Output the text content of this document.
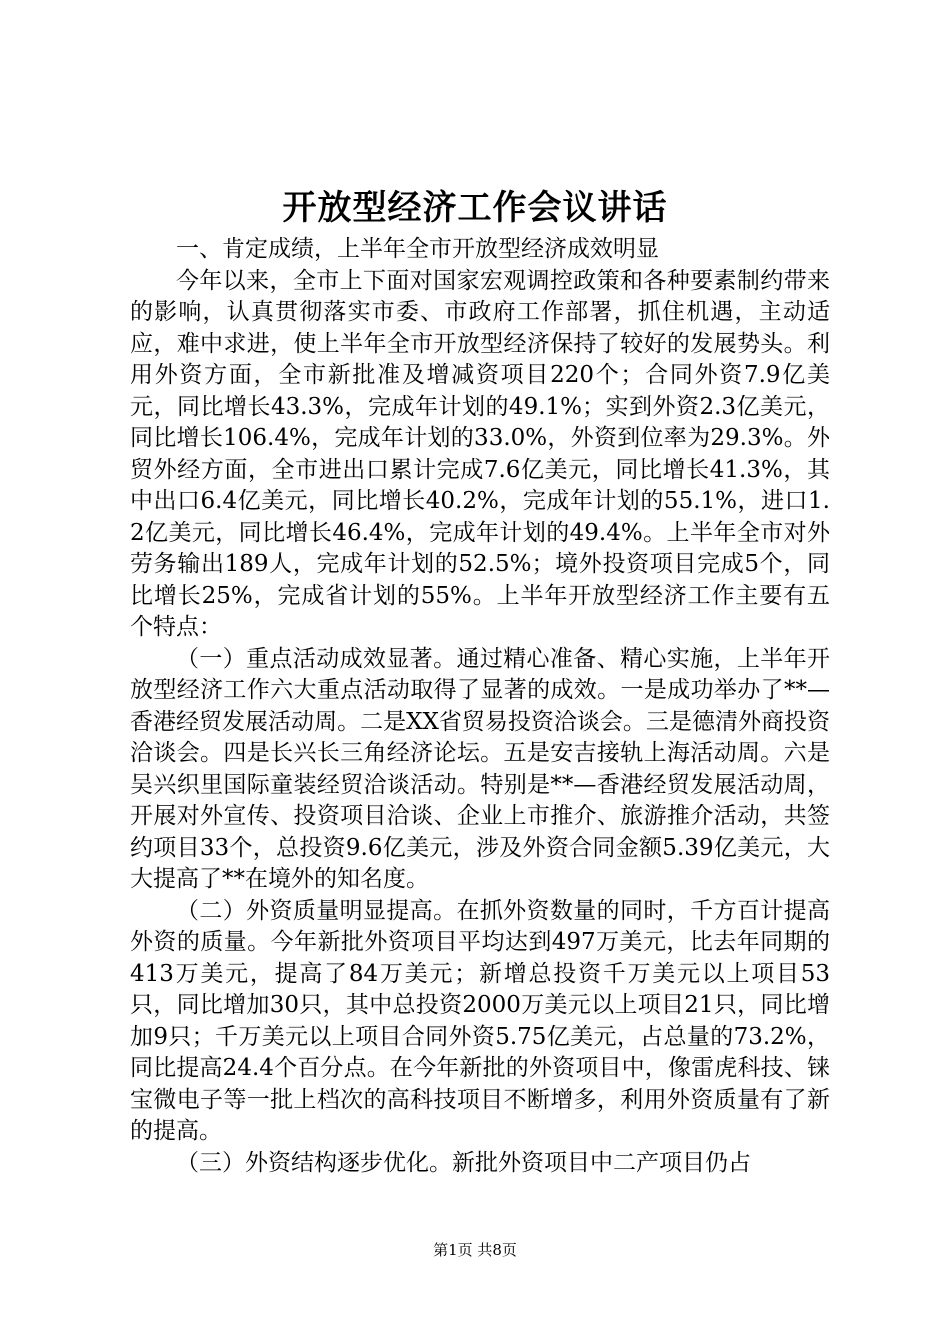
开放型经济工作会议讲话

一、肯定成绩，上半年全市开放型经济成效明显

今年以来，全市上下面对国家宏观调控政策和各种要素制约带来的影响，认真贯彻落实市委、市政府工作部署，抓住机遇，主动适应，难中求进，使上半年全市开放型经济保持了较好的发展势头。利用外资方面，全市新批准及增减资项目220个；合同外资7.9亿美元，同比增长43.3%，完成年计划的49.1%；实到外资2.3亿美元，同比增长106.4%，完成年计划的33.0%，外资到位率为29.3%。外贸外经方面，全市进出口累计完成7.6亿美元，同比增长41.3%，其中出口6.4亿美元，同比增长40.2%，完成年计划的55.1%，进口1.2亿美元，同比增长46.4%，完成年计划的49.4%。上半年全市对外劳务输出189人，完成年计划的52.5%；境外投资项目完成5个，同比增长25%，完成省计划的55%。上半年开放型经济工作主要有五个特点：

（一）重点活动成效显著。通过精心准备、精心实施，上半年开放型经济工作六大重点活动取得了显著的成效。一是成功举办了**—香港经贸发展活动周。二是XX省贸易投资洽谈会。三是德清外商投资洽谈会。四是长兴长三角经济论坛。五是安吉接轨上海活动周。六是吴兴织里国际童装经贸洽谈活动。特别是**—香港经贸发展活动周，开展对外宣传、投资项目洽谈、企业上市推介、旅游推介活动，共签约项目33个，总投资9.6亿美元，涉及外资合同金额5.39亿美元，大大提高了**在境外的知名度。

（二）外资质量明显提高。在抓外资数量的同时，千方百计提高外资的质量。今年新批外资项目平均达到497万美元，比去年同期的413万美元，提高了84万美元；新增总投资千万美元以上项目53只，同比增加30只，其中总投资2000万美元以上项目21只，同比增加9只；千万美元以上项目合同外资5.75亿美元，占总量的73.2%，同比提高24.4个百分点。在今年新批的外资项目中，像雷虎科技、铼宝微电子等一批上档次的高科技项目不断增多，利用外资质量有了新的提高。

（三）外资结构逐步优化。新批外资项目中二产项目仍占

第1页 共8页
